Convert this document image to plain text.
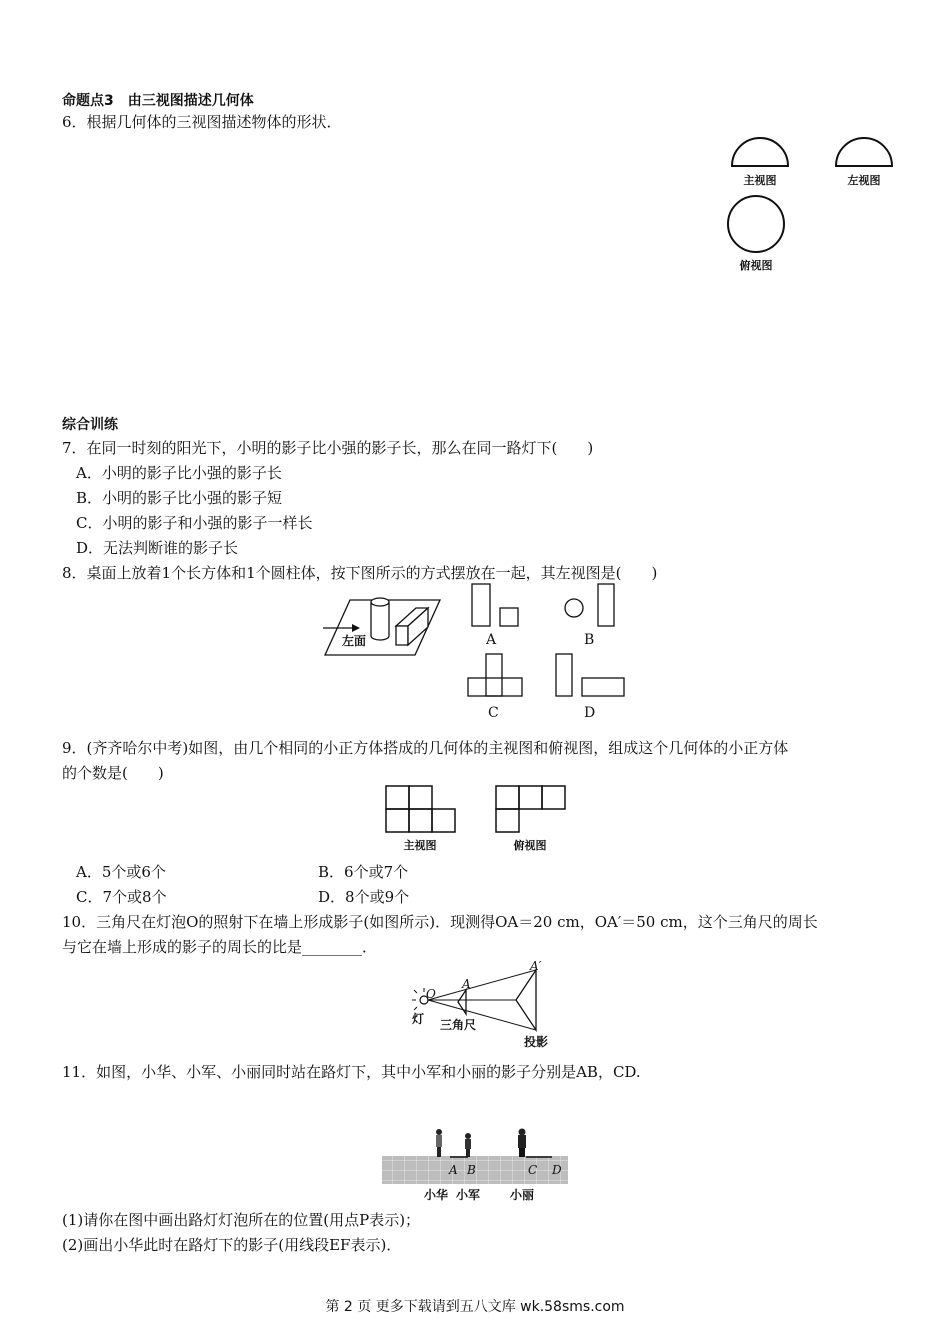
命题点3　由三视图描述几何体
6．根据几何体的三视图描述物体的形状．
主视图	左视图
俯视图
综合训练
7．在同一时刻的阳光下，小明的影子比小强的影子长，那么在同一路灯下(　　)
A．小明的影子比小强的影子长
B．小明的影子比小强的影子短
C．小明的影子和小强的影子一样长
D．无法判断谁的影子长
8．桌面上放着1个长方体和1个圆柱体，按下图所示的方式摆放在一起，其左视图是(　　)
左面	A	B
C	D
9．(齐齐哈尔中考)如图，由几个相同的小正方体搭成的几何体的主视图和俯视图，组成这个几何体的小正方体
的个数是(　　)
主视图	俯视图
A．5个或6个	B．6个或7个
C．7个或8个	D．8个或9个
10．三角尺在灯泡O的照射下在墙上形成影子(如图所示)．现测得OA＝20 cm，OA′＝50 cm，这个三角尺的周长
与它在墙上形成的影子的周长的比是________．
O
A
A′
灯	三角尺
投影
11．如图，小华、小军、小丽同时站在路灯下，其中小军和小丽的影子分别是AB，CD.
A B	C D
小华 小军	小丽
(1)请你在图中画出路灯灯泡所在的位置(用点P表示)；
(2)画出小华此时在路灯下的影子(用线段EF表示)．
第 2 页 更多下载请到五八文库 wk.58sms.com
